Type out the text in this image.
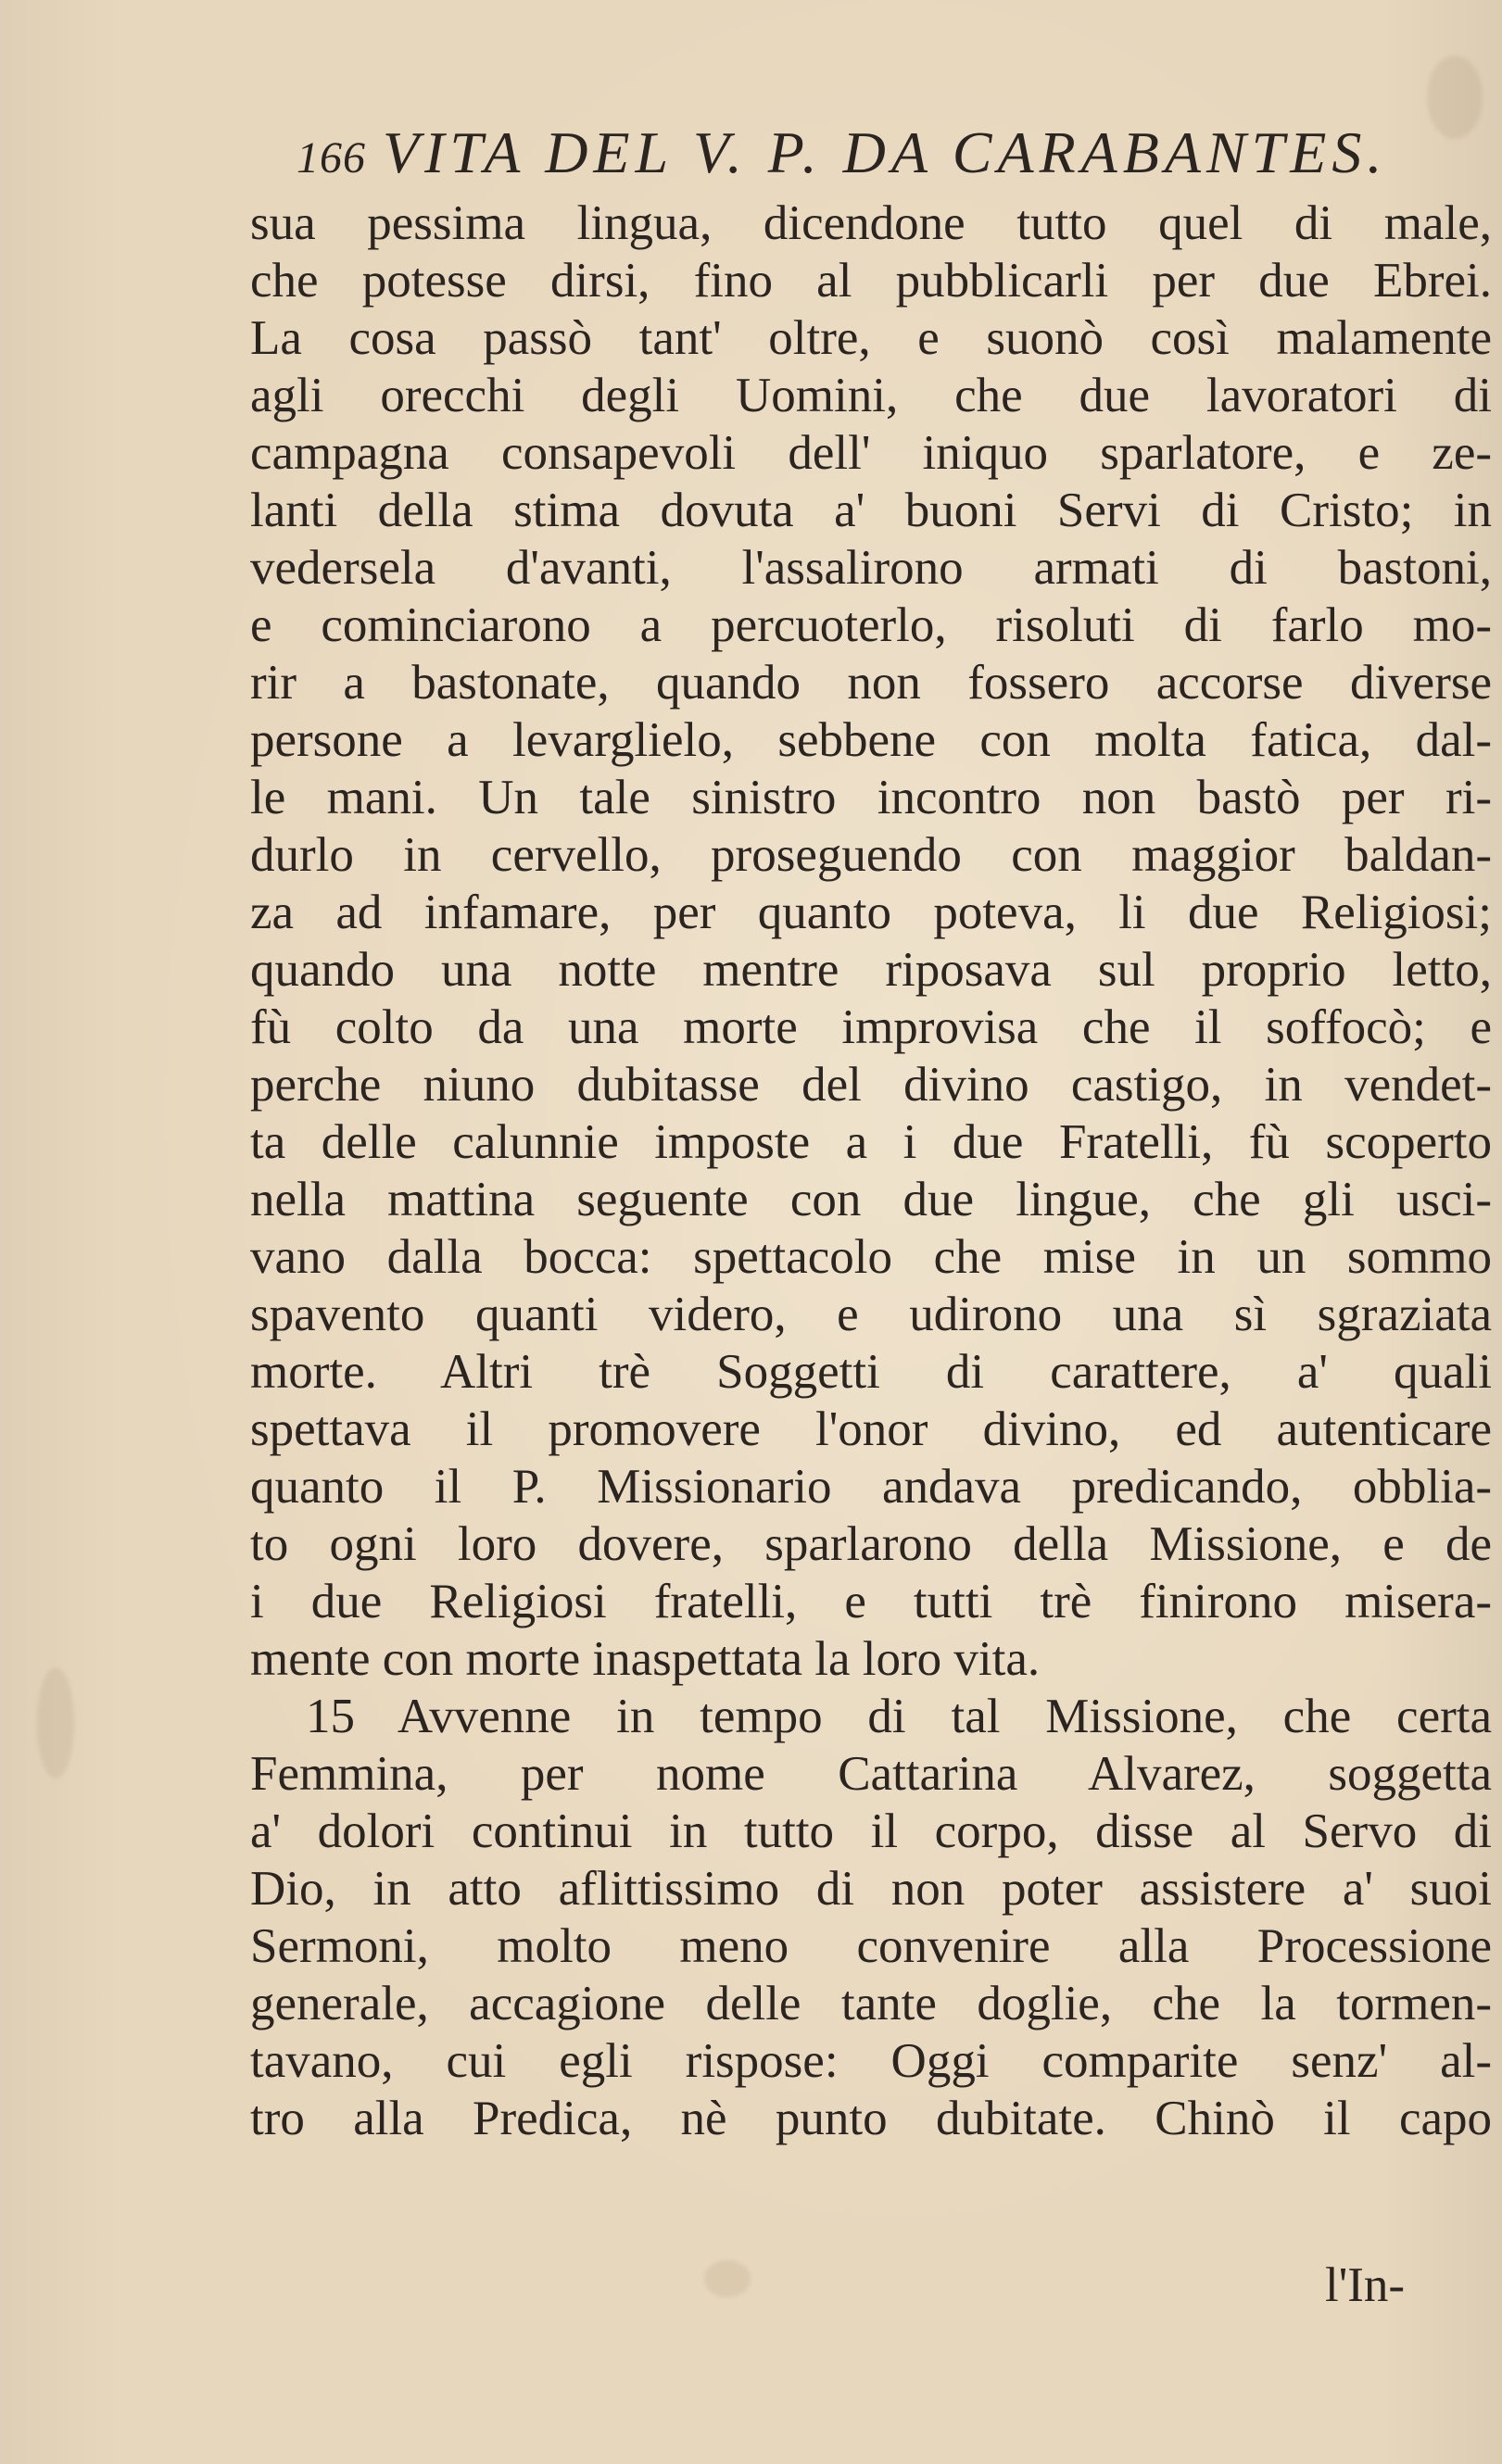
166 VITA DEL V. P. DA CARABANTES.
sua pessima lingua, dicendone tutto quel di male,
che potesse dirsi, fino al pubblicarli per due Ebrei.
La cosa passò tant' oltre, e suonò così malamente
agli orecchi degli Uomini, che due lavoratori di
campagna consapevoli dell' iniquo sparlatore, e ze-
lanti della stima dovuta a' buoni Servi di Cristo; in
vedersela d'avanti, l'assalirono armati di bastoni,
e cominciarono a percuoterlo, risoluti di farlo mo-
rir a bastonate, quando non fossero accorse diverse
persone a levarglielo, sebbene con molta fatica, dal-
le mani. Un tale sinistro incontro non bastò per ri-
durlo in cervello, proseguendo con maggior baldan-
za ad infamare, per quanto poteva, li due Religiosi;
quando una notte mentre riposava sul proprio letto,
fù colto da una morte improvisa che il soffocò; e
perche niuno dubitasse del divino castigo, in vendet-
ta delle calunnie imposte a i due Fratelli, fù scoperto
nella mattina seguente con due lingue, che gli usci-
vano dalla bocca: spettacolo che mise in un sommo
spavento quanti videro, e udirono una sì sgraziata
morte. Altri trè Soggetti di carattere, a' quali
spettava il promovere l'onor divino, ed autenticare
quanto il P. Missionario andava predicando, obblia-
to ogni loro dovere, sparlarono della Missione, e de
i due Religiosi fratelli, e tutti trè finirono misera-
mente con morte inaspettata la loro vita.
15 Avvenne in tempo di tal Missione, che certa
Femmina, per nome Cattarina Alvarez, soggetta
a' dolori continui in tutto il corpo, disse al Servo di
Dio, in atto aflittissimo di non poter assistere a' suoi
Sermoni, molto meno convenire alla Processione
generale, accagione delle tante doglie, che la tormen-
tavano, cui egli rispose: Oggi comparite senz' al-
tro alla Predica, nè punto dubitate. Chinò il capo
l'In-
